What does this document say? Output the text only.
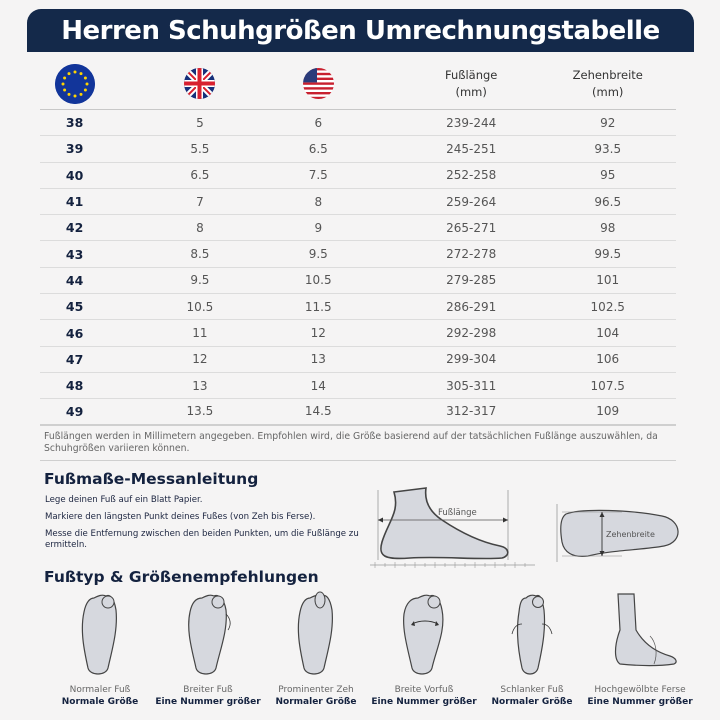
Herren Schuhgrößen Umrechnungstabelle
Fußlänge
(mm)
Zehenbreite
(mm)
38	5	6	239-244	92
39	5.5	6.5	245-251	93.5
40	6.5	7.5	252-258	95
41	7	8	259-264	96.5
42	8	9	265-271	98
43	8.5	9.5	272-278	99.5
44	9.5	10.5	279-285	101
45	10.5	11.5	286-291	102.5
46	11	12	292-298	104
47	12	13	299-304	106
48	13	14	305-311	107.5
49	13.5	14.5	312-317	109
Fußlängen werden in Millimetern angegeben. Empfohlen wird, die Größe basierend auf der tatsächlichen Fußlänge auszuwählen, da Schuhgrößen variieren können.
Fußmaße-Messanleitung

Lege deinen Fuß auf ein Blatt Papier.

Markiere den längsten Punkt deines Fußes (von Zeh bis Ferse).

Messe die Entfernung zwischen den beiden Punkten, um die Fußlänge zu ermitteln.

Fußlänge
Zehenbreite
Fußtyp & Größenempfehlungen
Normaler Fuß
Normale Größe
Breiter Fuß
Eine Nummer größer
Prominenter Zeh
Normaler Größe
Breite Vorfuß
Eine Nummer größer
Schlanker Fuß
Normaler Größe
Hochgewölbte Ferse
Eine Nummer größer
